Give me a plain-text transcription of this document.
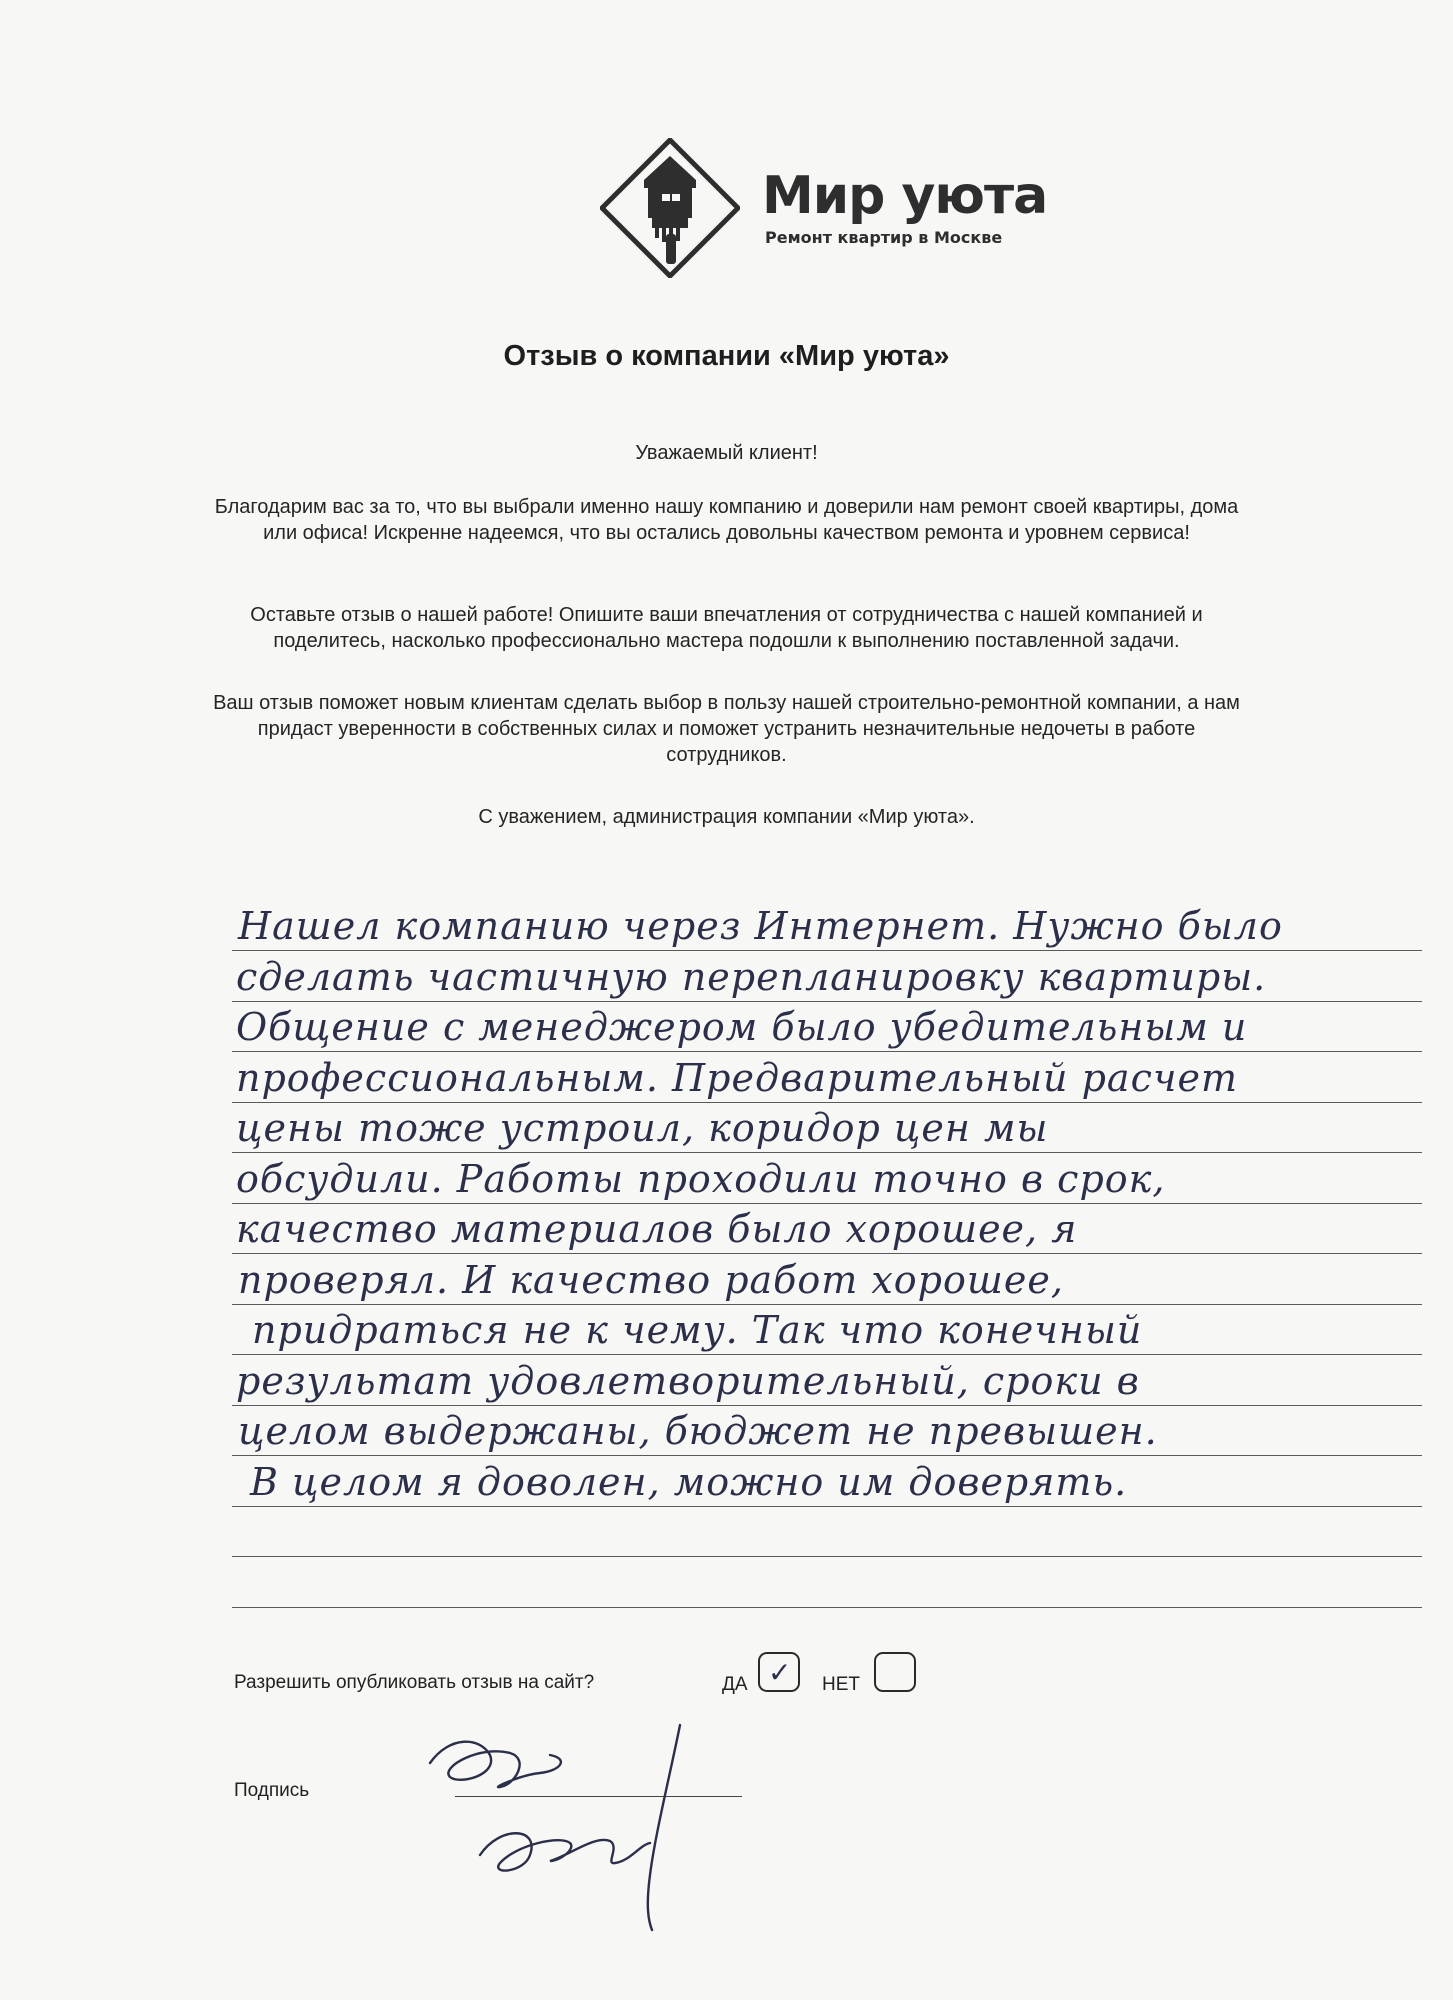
Мир уюта
Ремонт квартир в Москве
Отзыв о компании «Мир уюта»
Уважаемый клиент!
Благодарим вас за то, что вы выбрали именно нашу компанию и доверили нам ремонт своей квартиры, дома или офиса! Искренне надеемся, что вы остались довольны качеством ремонта и уровнем сервиса!
Оставьте отзыв о нашей работе! Опишите ваши впечатления от сотрудничества с нашей компанией и поделитесь, насколько профессионально мастера подошли к выполнению поставленной задачи.
Ваш отзыв поможет новым клиентам сделать выбор в пользу нашей строительно-ремонтной компании, а нам придаст уверенности в собственных силах и поможет устранить незначительные недочеты в работе сотрудников.
С уважением, администрация компании «Мир уюта».
Нашел компанию через Интернет. Нужно было
сделать частичную перепланировку квартиры.
Общение с менеджером было убедительным и
профессиональным. Предварительный расчет
цены тоже устроил, коридор цен мы
обсудили. Работы проходили точно в срок,
качество материалов было хорошее, я
проверял. И качество работ хорошее,
придраться не к чему. Так что конечный
результат удовлетворительный, сроки в
целом выдержаны, бюджет не превышен.
В целом я доволен, можно им доверять.
Разрешить опубликовать отзыв на сайт?	ДА ✓ НЕТ
Подпись
